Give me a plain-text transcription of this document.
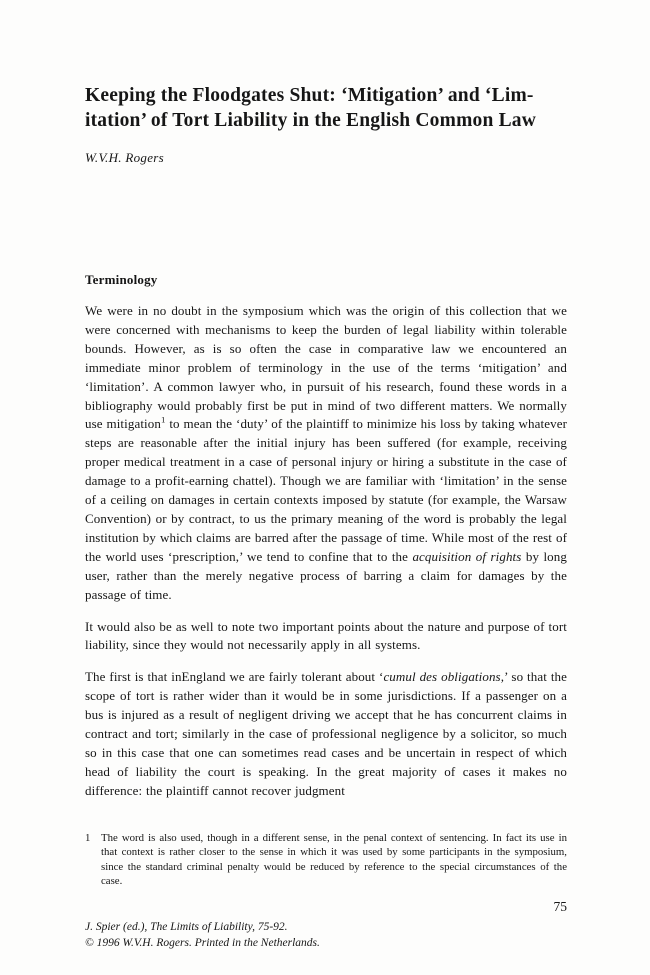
Keeping the Floodgates Shut: ‘Mitigation’ and ‘Lim-
itation’ of Tort Liability in the English Common Law
W.V.H. Rogers
Terminology

We were in no doubt in the symposium which was the origin of this collection that we were concerned with mechanisms to keep the burden of legal liability within tolerable bounds. However, as is so often the case in comparative law we encountered an immediate minor problem of terminology in the use of the terms ‘mitigation’ and ‘limitation’. A common lawyer who, in pursuit of his research, found these words in a bibliography would probably first be put in mind of two different matters. We normally use mitigation$^1$ to mean the ‘duty’ of the plaintiff to minimize his loss by taking whatever steps are reasonable after the initial injury has been suffered (for example, receiving proper medical treatment in a case of personal injury or hiring a substitute in the case of damage to a profit-earning chattel). Though we are familiar with ‘limitation’ in the sense of a ceiling on damages in certain contexts imposed by statute (for example, the Warsaw Convention) or by contract, to us the primary meaning of the word is probably the legal institution by which claims are barred after the passage of time. While most of the rest of the world uses ‘prescription,’ we tend to confine that to the acquisition of rights by long user, rather than the merely negative process of barring a claim for damages by the passage of time.

It would also be as well to note two important points about the nature and purpose of tort liability, since they would not necessarily apply in all systems.

The first is that inEngland we are fairly tolerant about ‘cumul des obligations,’ so that the scope of tort is rather wider than it would be in some jurisdictions. If a passenger on a bus is injured as a result of negligent driving we accept that he has concurrent claims in contract and tort; similarly in the case of professional negligence by a solicitor, so much so in this case that one can sometimes read cases and be uncertain in respect of which head of liability the court is speaking. In the great majority of cases it makes no difference: the plaintiff cannot recover judgment

1 The word is also used, though in a different sense, in the penal context of sentencing. In fact its use in that context is rather closer to the sense in which it was used by some participants in the symposium, since the standard criminal penalty would be reduced by reference to the special circumstances of the case.
75
J. Spier (ed.), The Limits of Liability, 75-92.
© 1996 W.V.H. Rogers. Printed in the Netherlands.
